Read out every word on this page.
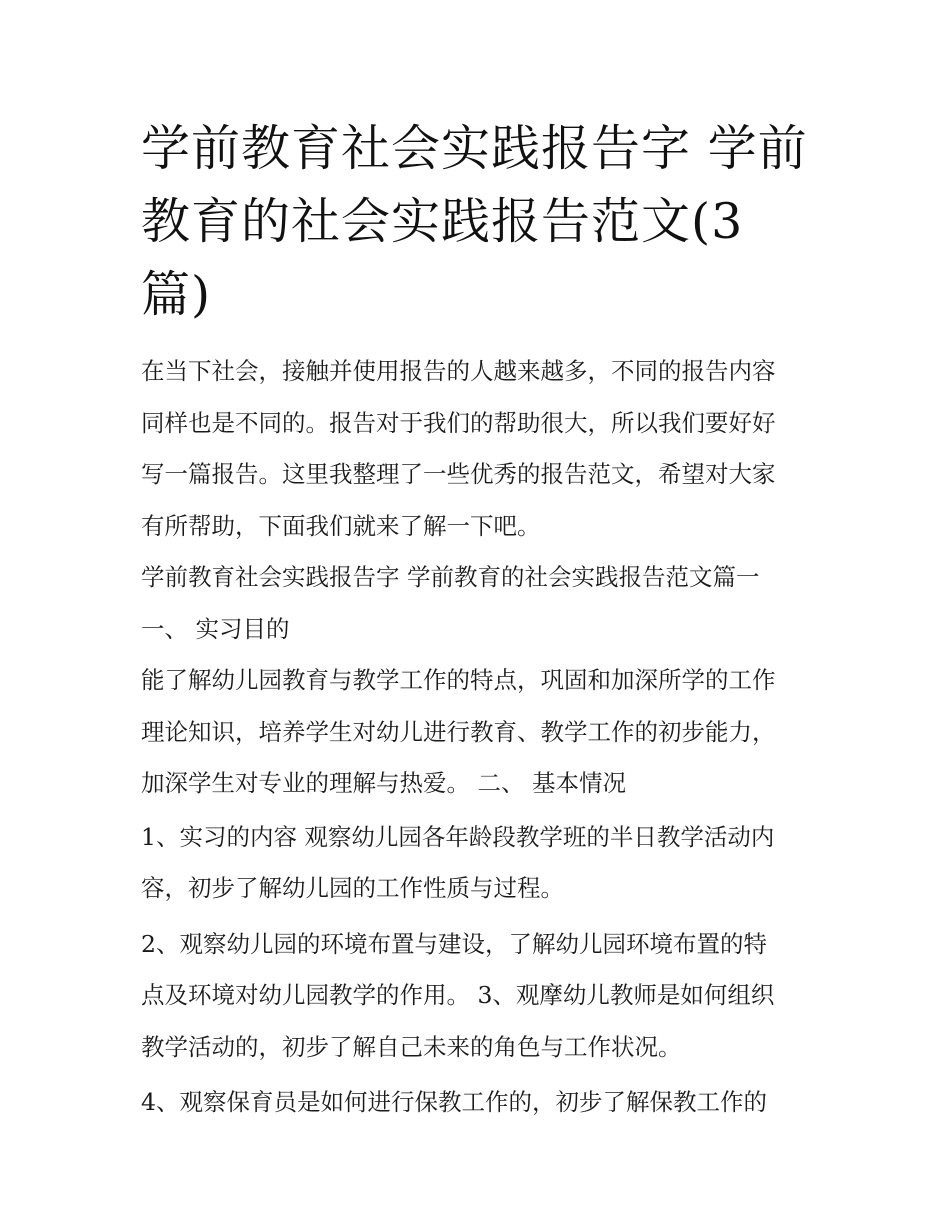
学前教育社会实践报告字 学前
教育的社会实践报告范文(3
篇)

在当下社会，接触并使用报告的人越来越多，不同的报告内容
同样也是不同的。报告对于我们的帮助很大，所以我们要好好
写一篇报告。这里我整理了一些优秀的报告范文，希望对大家
有所帮助，下面我们就来了解一下吧。

学前教育社会实践报告字 学前教育的社会实践报告范文篇一

一、 实习目的

能了解幼儿园教育与教学工作的特点，巩固和加深所学的工作
理论知识，培养学生对幼儿进行教育、教学工作的初步能力，
加深学生对专业的理解与热爱。 二、 基本情况

1、实习的内容 观察幼儿园各年龄段教学班的半日教学活动内
容，初步了解幼儿园的工作性质与过程。

2、观察幼儿园的环境布置与建设，了解幼儿园环境布置的特
点及环境对幼儿园教学的作用。 3、观摩幼儿教师是如何组织
教学活动的，初步了解自己未来的角色与工作状况。

4、观察保育员是如何进行保教工作的，初步了解保教工作的
